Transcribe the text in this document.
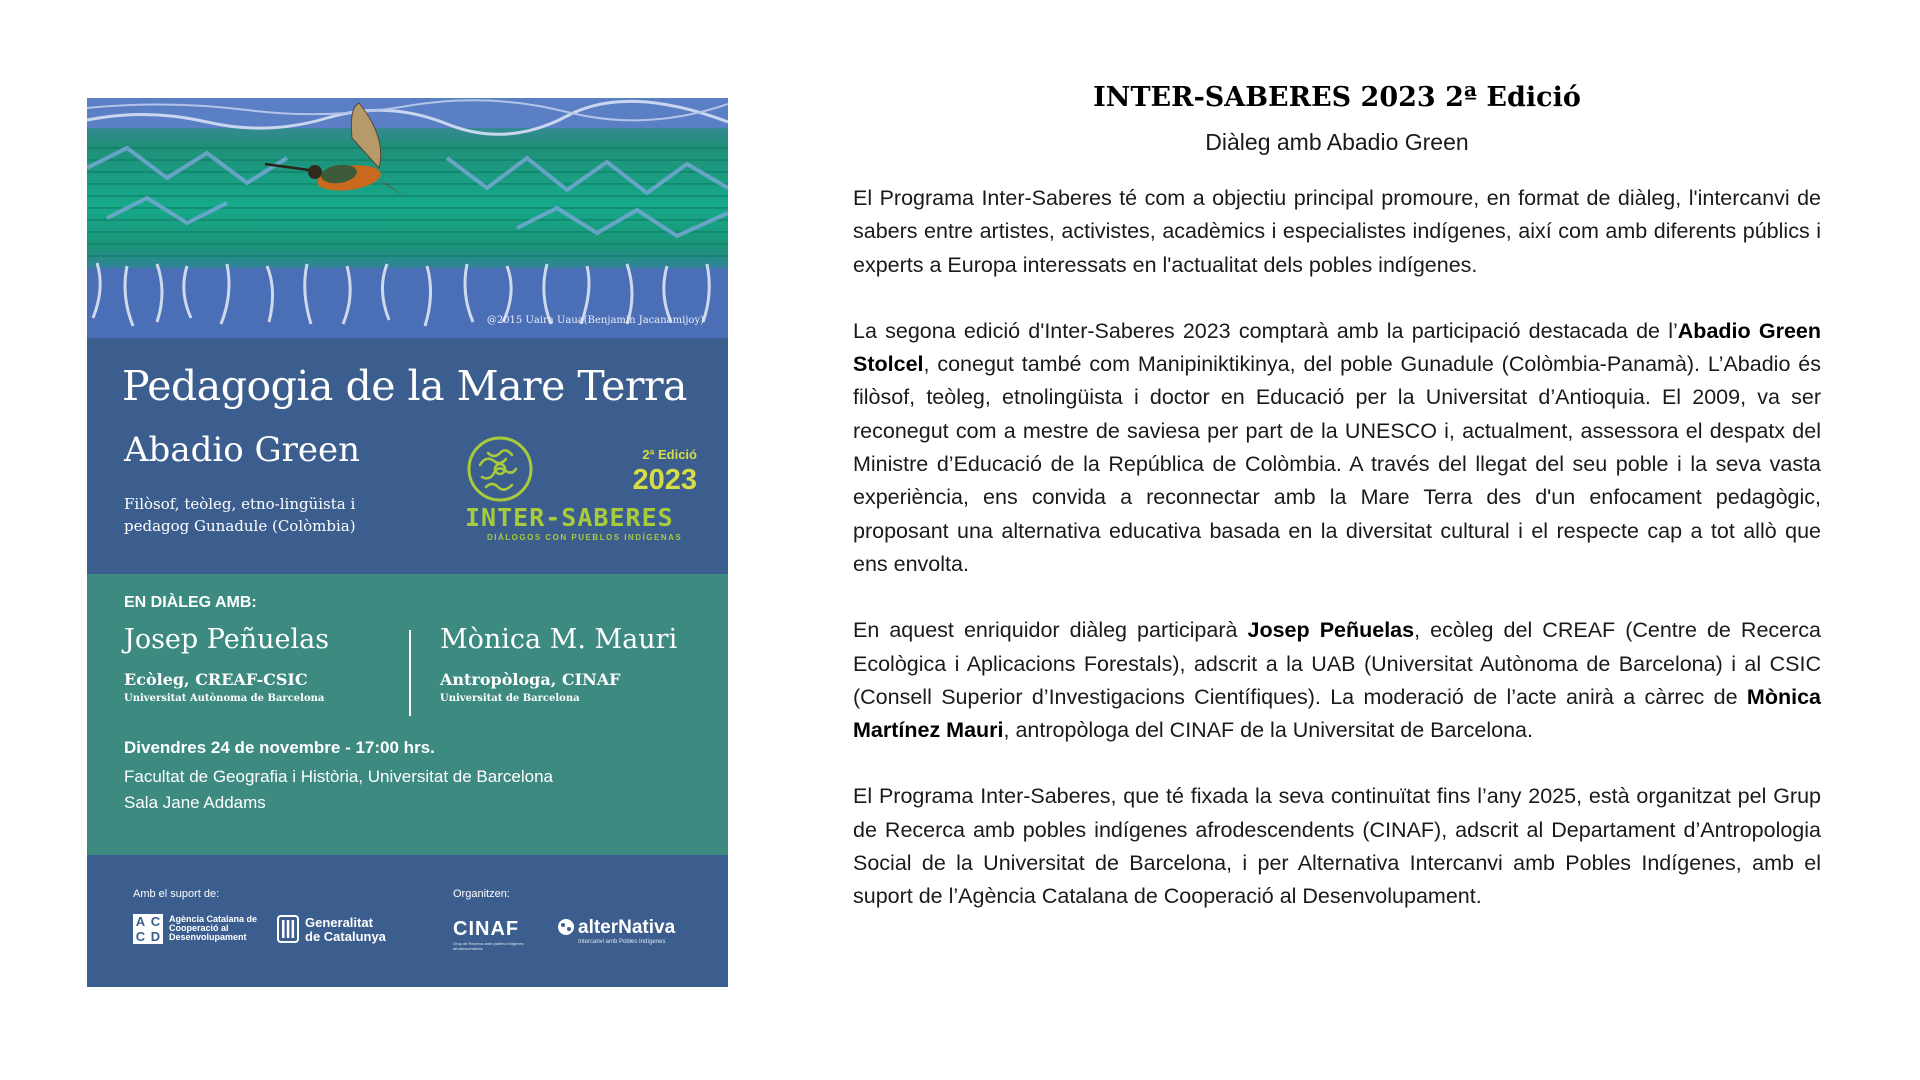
@2015 Uaira Uaua(Benjamin Jacanamijoy)
Pedagogia de la Mare Terra
Abadio Green
Filòsof, teòleg, etno-lingüista i pedagog Gunadule (Colòmbia)
2ª Edició
2023
INTER-SABERES
DIÁLOGOS CON PUEBLOS INDÍGENAS
EN DIÀLEG AMB:
Josep Peñuelas
Ecòleg, CREAF-CSIC
Universitat Autònoma de Barcelona
Mònica M. Mauri
Antropòloga, CINAF
Universitat de Barcelona
Divendres 24 de novembre - 17:00 hrs.
Facultat de Geografia i Història, Universitat de Barcelona
Sala Jane Addams
Amb el suport de:	Organitzen:
A C
C D
Agència Catalana de Cooperació al Desenvolupament
Generalitat
de Catalunya	CINAF
Grup de Recerca amb pobles indígenes afrodescendents
alterNativa
Intercanvi amb Pobles Indígenes
INTER-SABERES 2023 2ª Edició
Diàleg amb Abadio Green

El Programa Inter-Saberes té com a objectiu principal promoure, en format de diàleg, l'intercanvi de sabers entre artistes, activistes, acadèmics i especialistes indígenes, així com amb diferents públics i experts a Europa interessats en l'actualitat dels pobles indígenes.

La segona edició d'Inter-Saberes 2023 comptarà amb la participació destacada de l’Abadio Green Stolcel, conegut també com Manipiniktikinya, del poble Gunadule (Colòmbia-Panamà). L’Abadio és filòsof, teòleg, etnolingüista i doctor en Educació per la Universitat d’Antioquia. El 2009, va ser reconegut com a mestre de saviesa per part de la UNESCO i, actualment, assessora el despatx del Ministre d’Educació de la República de Colòmbia. A través del llegat del seu poble i la seva vasta experiència, ens convida a reconnectar amb la Mare Terra des d'un enfocament pedagògic, proposant una alternativa educativa basada en la diversitat cultural i el respecte cap a tot allò que ens envolta.

En aquest enriquidor diàleg participarà Josep Peñuelas, ecòleg del CREAF (Centre de Recerca Ecològica i Aplicacions Forestals), adscrit a la UAB (Universitat Autònoma de Barcelona) i al CSIC (Consell Superior d’Investigacions Científiques). La moderació de l’acte anirà a càrrec de Mònica Martínez Mauri, antropòloga del CINAF de la Universitat de Barcelona.

El Programa Inter-Saberes, que té fixada la seva continuïtat fins l’any 2025, està organitzat pel Grup de Recerca amb pobles indígenes afrodescendents (CINAF), adscrit al Departament d’Antropologia Social de la Universitat de Barcelona, i per Alternativa Intercanvi amb Pobles Indígenes, amb el suport de l’Agència Catalana de Cooperació al Desenvolupament.
